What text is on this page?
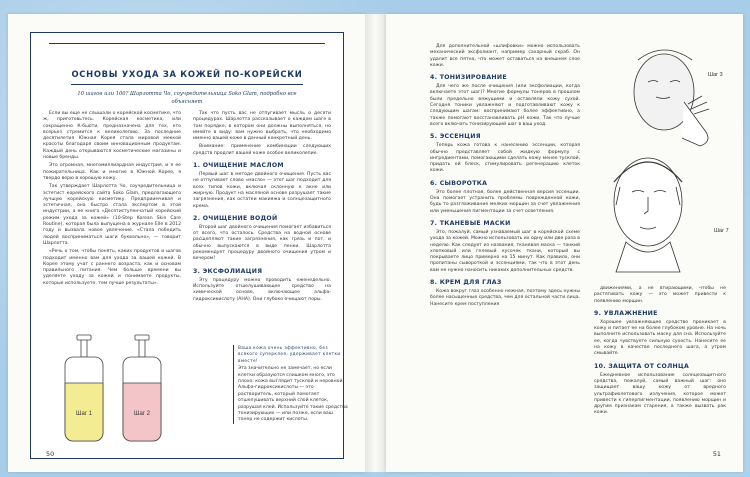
ОСНОВЫ УХОДА ЗА КОЖЕЙ ПО-КОРЕЙСКИ
10 шагов или 100? Шарлотта Чо, соучредительница Soko Glam, подробно все объясняет

Если вы еще не слышали о корейской косметике, что ж, приготовьтесь. Корейская косметика, или сокращенно К-бьюти, предназначена для тех, кто всерьез стремится к великолепию. За последние десятилетия Южная Корея стала мировой меккой красоты благодаря своим инновационным продуктам. Каждый день открываются косметические магазины и новые бренды.

Это огромная, многомиллиардная индустрия, и я ее пожирательница. Как и многие в Южной Корее, я твердо верю в хорошую кожу.

Так утверждает Шарлотта Чо, соучредительница и эстетист корейского сайта Soko Glam, предлагающего лучшую корейскую косметику. Предприимчивая и эстетичная, она быстро стала экспертом в этой индустрии, а ее книга «Десятиступенчатый корейский режим ухода за кожей» (10-Step Korean Skin Care Routine), которая была выпущена в журнале Elle в 2012 году и вызвала новое увлечение. «Стала победить людей восприниматься шаги буквально», — говорит Шарлотта.

«Речь о том, чтобы понять, каких продуктов и шагов подходит именно вам для ухода за вашей кожей. В Корее этому учат с раннего возраста, как и основам правильного питания. Чем больше времени вы уделяете уходу за кожей и понимаете продукты, которые используете, тем лучше результаты».

Так что пусть вас не отпугивает мысль о десяти процедурах. Шарлотта рассказывает о каждом шаге в том порядке, в котором они должны выполняться, но имейте в виду: вам нужно выбрать, что необходимо именно вашей коже в данный конкретный день.

Внимание: применение комбинации следующих средств продлит вашей коже особое великолепие.

1. ОЧИЩЕНИЕ МАСЛОМ

Первый шаг в методе двойного очищения. Пусть вас не отпугивает слово «масло» — этот шаг подходит для всех типов кожи, включая склонную к акне или жирную. Продукт на масляной основе разрушает такие загрязнения, как остатки макияжа и солнцезащитного крема.

2. ОЧИЩЕНИЕ ВОДОЙ

Второй шаг двойного очищения помогает избавиться от всего, что осталось. Средства на водной основе расщепляют такие загрязнения, как грязь и пот, и обычно выпускаются в виде пенки. Шарлотта рекомендует процедуру двойного очищения утром и вечером!

3. ЭКСФОЛИАЦИЯ

Эту процедуру можно проводить еженедельно. Используйте отшелушивающее средство на химической основе, включающее альфа-гидроксикислоту (AHA). Они глубоко очищают поры.

Ваша кожа очень эффективно, без всякого суперклея, удерживает клетки вместе!
Эта значительно не замечает, но если клетки образуются слишком много, это плохо: кожа выглядит тусклой и неровной. Альфа-гидроксикислоты — это растворитель, который помогает отшелушивать верхний слой клеток, разрушая клей. Используйте такие средства тонизирующих — или позже, если ваш тонер не содержит кислоты.
Шаг 1	Шаг 2
50

Для дополнительной «шлифовки» можно использовать механический эксфолиант, например сахарный скраб. Он удалит все пятна, что может оставаться на внешнем слое кожи.

4. ТОНИЗИРОВАНИЕ

Для чего же после очищения (или эксфолиации, когда включаете этот шаг)? Многие формулы тонеров в прошлом были предельно вяжущими и оставляли кожу сухой. Сегодня тоники увлажняют и подготавливают кожу к следующим шагам: воспринимают более эффективно, а также помогают восстанавливать pH кожи. Так что лучше всего включать тонизирующий шаг в ваш уход.

5. ЭССЕНЦИЯ

Теперь кожа готова к нанесению эссенции, которая обычно представляет собой жидкую формулу с ингредиентами, помогающими сделать кожу менее тусклой, придать ей блеск, стимулировать регенерацию клеток кожи.

6. СЫВОРОТКА

Это более плотная, более действенная версия эссенции. Она помогает устранить проблемы поврежденной кожи, будь то разглаживание мелких морщин за счет увлажнения или уменьшения пигментации за счет осветления.

7. ТКАНЕВЫЕ МАСКИ

Это, пожалуй, самый узнаваемый шаг в корейской схеме ухода за кожей. Можно использовать их одну или две раза в неделю. Как следует из названия, тканевая маска — тонкий хлопковый или гелевый кусочек ткани, который вы покрываете лицо примерно на 15 минут. Как правило, они пропитаны сывороткой и эссенциями, так что в этот день вам не нужно наносить никаких дополнительных средств.

8. КРЕМ ДЛЯ ГЛАЗ

Кожа вокруг глаз особенно нежная, поэтому здесь нужны более насыщенные средства, чем для остальной части лица. Нанесите крем поступления

Шаг 3
Шаг 7

движениями, а не втирающими, чтобы не растягивать кожу — это может привести к появлению морщин.

9. УВЛАЖНЕНИЕ

Хорошее увлажняющее средство проникает в кожу и питает ее на более глубоком уровне. На ночь выполните использовать маску для сна. Используйте ее, когда чувствуете сильную сухость. Нанесите ее на кожу в качестве последнего шага, а утром смывайте.

10. ЗАЩИТА ОТ СОЛНЦА

Ежедневное использование солнцезащитного средства, пожалуй, самый важный шаг: оно защищает вашу кожу от вредного ультрафиолетового излучения, которое может привести к гиперпигментации, появлению морщин и другим признакам старения, а также вызвать рак кожи.

51
